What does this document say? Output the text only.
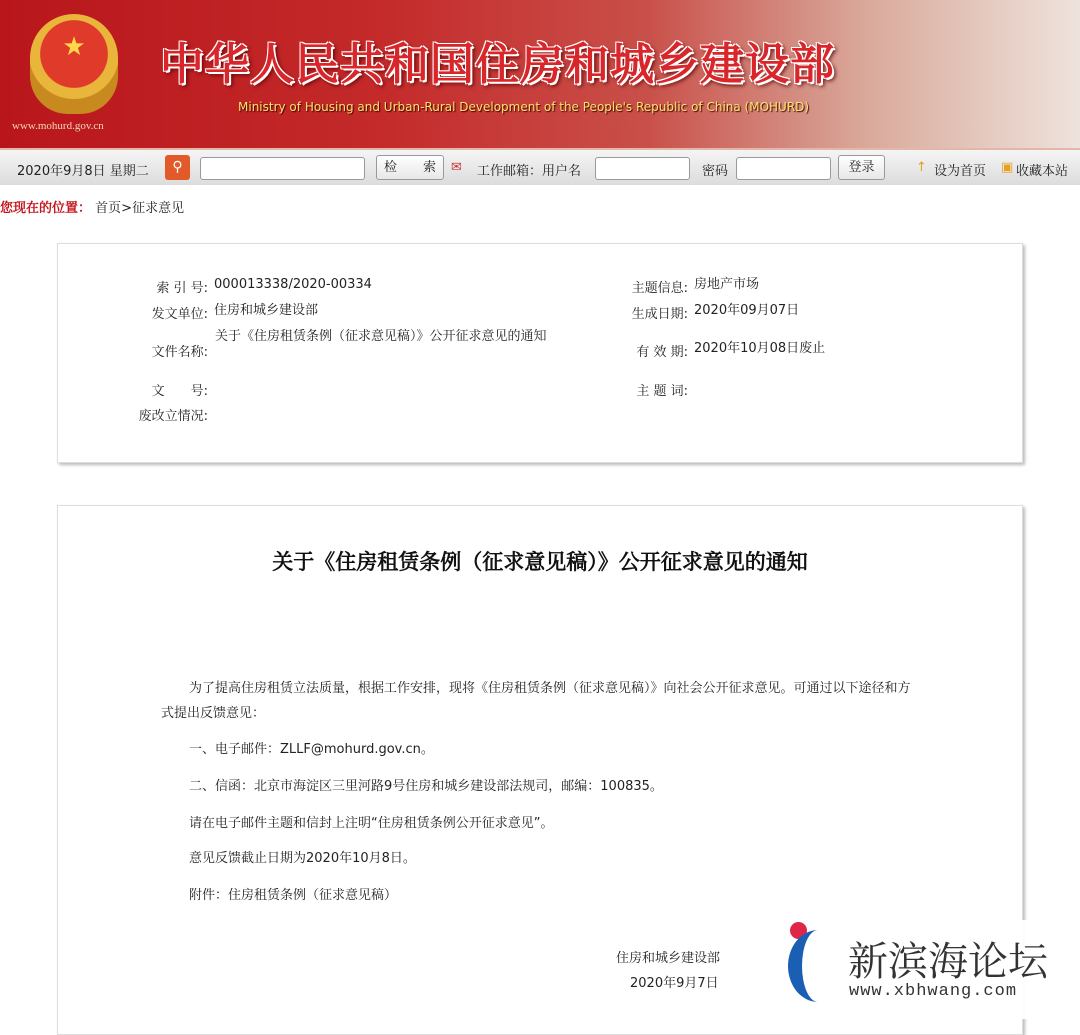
★
www.mohurd.gov.cn
中华人民共和国住房和城乡建设部
Ministry of Housing and Urban-Rural Development of the People's Republic of China (MOHURD)
2020年9月8日 星期二	⚲	检　　索	✉ 工作邮箱：用户名	密码	登录	↑ 设为首页 ▣ 收藏本站
您现在的位置： 首页>征求意见
索 引 号: 000013338/2020-00334
发文单位: 住房和城乡建设部
文件名称:
关于《住房租赁条例（征求意见稿）》公开征求意见的通知
文　　号:
废改立情况:
主题信息: 房地产市场
生成日期: 2020年09月07日
有 效 期: 2020年10月08日废止
主 题 词:
关于《住房租赁条例（征求意见稿）》公开征求意见的通知
为了提高住房租赁立法质量，根据工作安排，现将《住房租赁条例（征求意见稿）》向社会公开征求意见。可通过以下途径和方
式提出反馈意见：
一、电子邮件：ZLLF@mohurd.gov.cn。
二、信函：北京市海淀区三里河路9号住房和城乡建设部法规司，邮编：100835。
请在电子邮件主题和信封上注明“住房租赁条例公开征求意见”。
意见反馈截止日期为2020年10月8日。
附件：住房租赁条例（征求意见稿）
住房和城乡建设部
2020年9月7日	新滨海论坛
www.xbhwang.com
